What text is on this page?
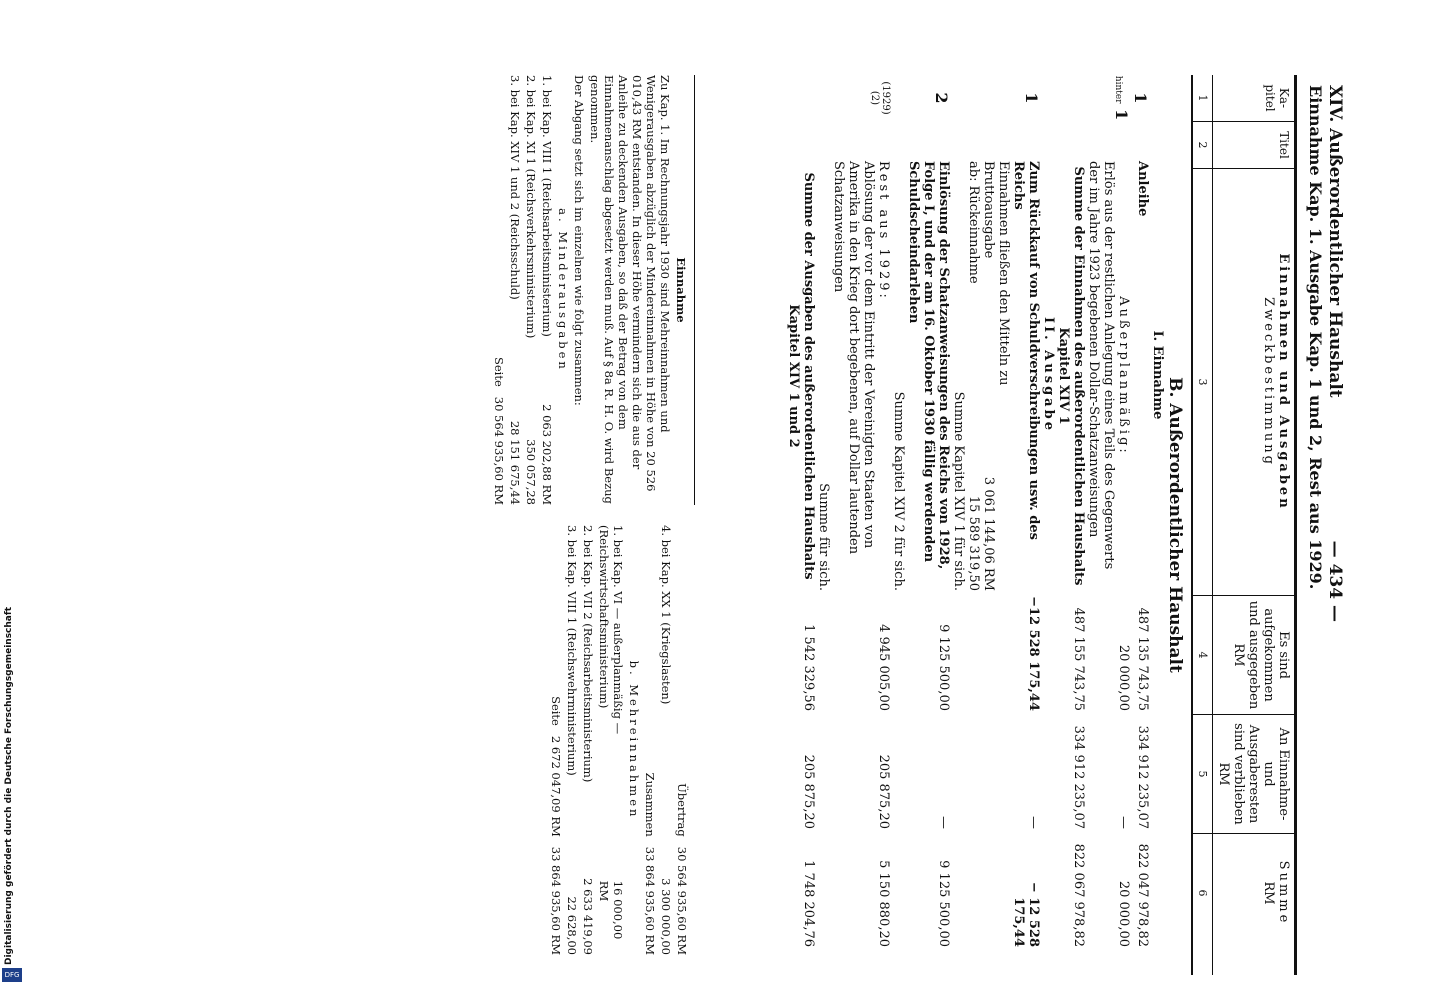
XIV. Außerordentlicher Haushalt
— 434 —
Einnahme Kap. 1. Ausgabe Kap. 1 und 2, Rest aus 1929.
Ka- pitel
Titel
Einnahmen und Ausgaben
Zweckbestimmung
Es sind aufgekommen und ausgegeben
RM
An Einnahme- und Ausgaberesten sind verblieben
RM
Summe
RM
1
2
3
4
5
6
B. Außerordentlicher Haushalt
I. Einnahme
1
Anleihe
487 135 743,75
334 912 235,07
822 047 978,82
hinter 1
Außerplanmäßig:
Erlös aus der restlichen Anlegung eines Teils des Gegenwerts der im Jahre 1923 begebenen Dollar-Schatzanweisungen
20 000,00
—
20 000,00
Summe der Einnahmen des außerordentlichen Haushalts Kapitel XIV 1
487 155 743,75
334 912 235,07
822 067 978,82
II. Ausgabe
1
Zum Rückkauf von Schuldverschreibungen usw. des Reichs
Einnahmen fließen den Mitteln zu
Bruttoausgabe
3 061 144,06 RM
ab: Rückeinnahme
15 589 319,50
Summe Kapitel XIV 1 für sich.
−12 528 175,44
—
− 12 528 175,44
2
Einlösung der Schatzanweisungen des Reichs von 1928, Folge I, und der am 16. Oktober 1930 fällig werdenden Schuldscheindarlehen
Summe Kapitel XIV 2 für sich.
9 125 500,00
—
9 125 500,00
(1929) (2)
Rest aus 1929:
Ablösung der vor dem Eintritt der Vereinigten Staaten von Amerika in den Krieg dort begebenen, auf Dollar lautenden Schatzanweisungen
Summe für sich.
4 945 005,00
205 875,20
5 150 880,20
Summe der Ausgaben des außerordentlichen Haushalts Kapitel XIV 1 und 2
1 542 329,56
205 875,20
1 748 204,76

Einnahme

Zu Kap. 1. Im Rechnungsjahr 1930 sind Mehreinnahmen und Wenigerausgaben abzüglich der Mindereinnahmen in Höhe von 20 526 010,43 RM entstanden. In dieser Höhe vermindern sich die aus der Anleihe zu deckenden Ausgaben, so daß der Betrag von dem Einnahmenanschlag abgesetzt werden muß. Auf § 8a R. H. O. wird Bezug genommen.

Der Abgang setzt sich im einzelnen wie folgt zusammen:

a. Minderausgaben

1. bei Kap. VIII 1 (Reichsarbeitsministerium)
2 063 202,88 RM

2. bei Kap. XI 1 (Reichsverkehrsministerium)
350 057,28

3. bei Kap. XIV 1 und 2 (Reichsschuld)
28 151 675,44

Seite
30 564 935,60 RM

Übertrag
30 564 935,60 RM

4. bei Kap. XX 1 (Kriegslasten)
3 300 000,00

Zusammen
33 864 935,60 RM

b. Mehreinnahmen

1. bei Kap. VI — außerplanmäßig — (Reichswirtschaftsministerium)
16 000,00 RM

2. bei Kap. VII 2 (Reichsarbeitsministerium)
2 633 419,09

3. bei Kap. VIII 1 (Reichswehrministerium)
22 628,00

Seite
2 672 047,09 RM
33 864 935,60 RM

DFG
Digitalisierung gefördert durch die Deutsche Forschungsgemeinschaft
